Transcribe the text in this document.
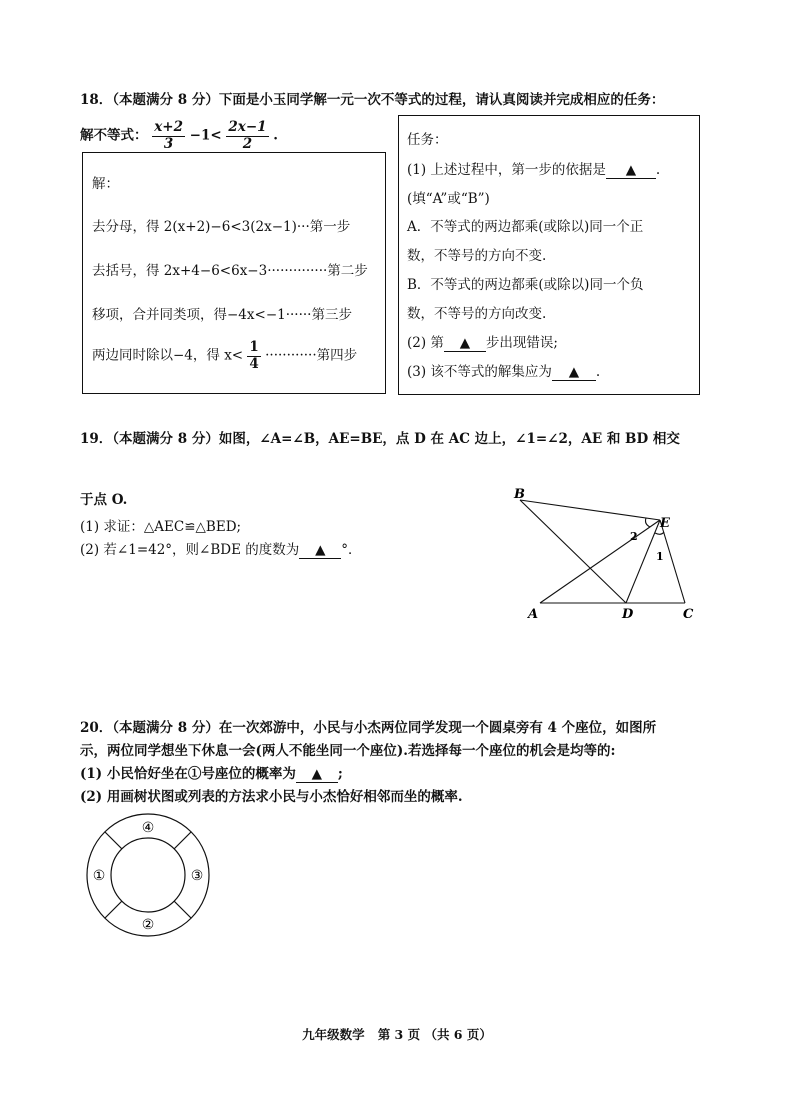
18．（本题满分 8 分）下面是小玉同学解一元一次不等式的过程，请认真阅读并完成相应的任务：
解不等式： $\frac{x+2}{3} -1< \frac{2x-1}{2}$ .
解：
去分母，得 2(x+2)−6<3(2x−1)···第一步
去括号，得 2x+4−6<6x−3··············第二步
移项，合并同类项，得−4x<−1······第三步
两边同时除以−4，得 $x< \frac{1}{4}$ ············第四步
任务：
(1) 上述过程中，第一步的依据是 ▲ .
(填“A”或“B”)
A．不等式的两边都乘(或除以)同一个正
数，不等号的方向不变.
B．不等式的两边都乘(或除以)同一个负
数，不等号的方向改变.
(2) 第 ▲ 步出现错误;
(3) 该不等式的解集应为 ▲ .
19．（本题满分 8 分）如图，∠A=∠B，AE=BE，点 D 在 AC 边上，∠1=∠2，AE 和 BD 相交
于点 O.
(1) 求证：△AEC≌△BED;
(2) 若∠1=42°，则∠BDE 的度数为 ▲ °．
B
E
A	D	C
2
1
20．（本题满分 8 分）在一次郊游中，小民与小杰两位同学发现一个圆桌旁有 4 个座位，如图所
示，两位同学想坐下休息一会(两人不能坐同一个座位).若选择每一个座位的机会是均等的:
(1) 小民恰好坐在①号座位的概率为 ▲ ;
(2) 用画树状图或列表的方法求小民与小杰恰好相邻而坐的概率.
④
①	③
②
九年级数学   第 3 页 （共 6 页）
